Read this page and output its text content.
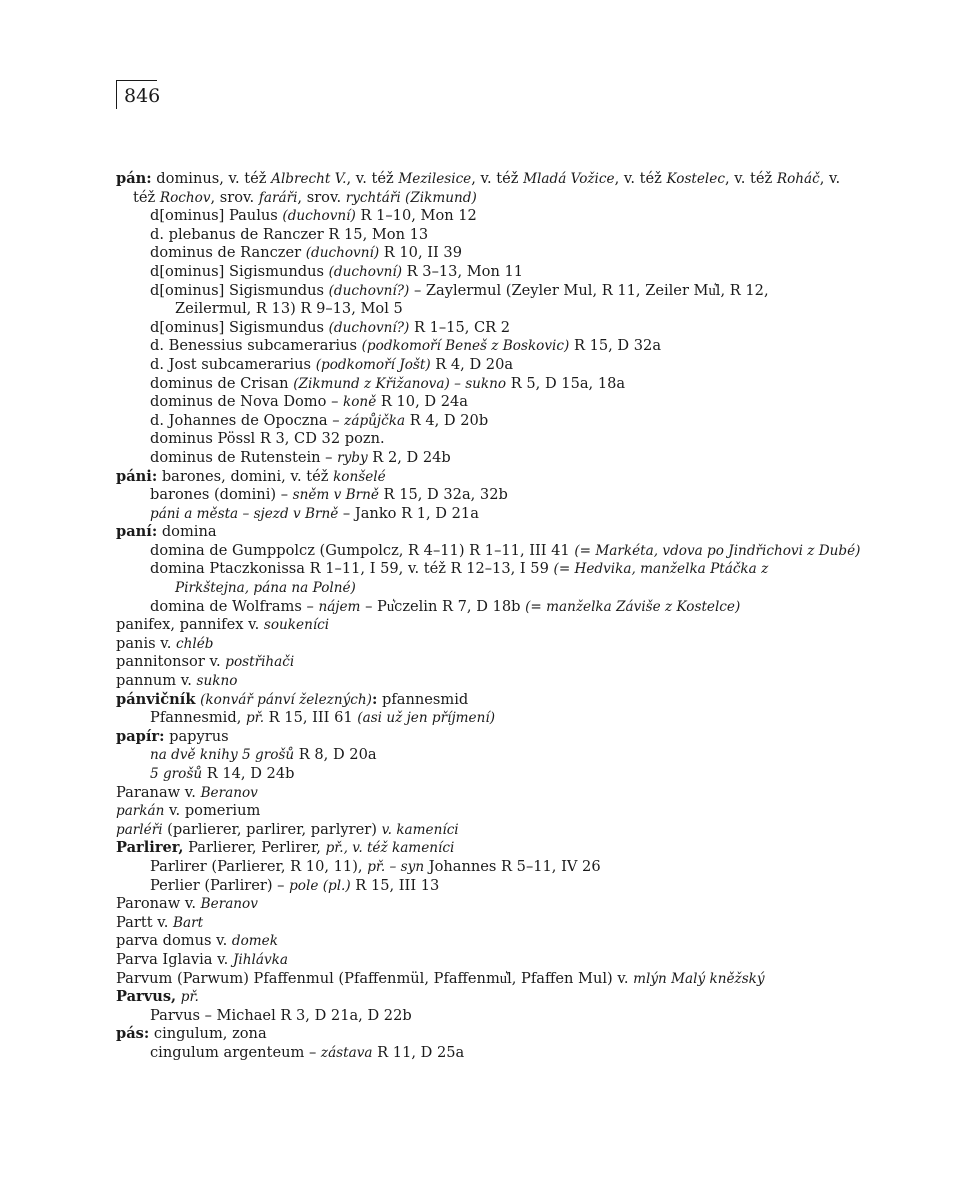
846
pán: dominus, v. též Albrecht V., v. též Mezilesice, v. též Mladá Vožice, v. též Kostelec, v. též Roháč, v. též Rochov, srov. faráři, srov. rychtáři (Zikmund)
d[ominus] Paulus (duchovní) R 1–10, Mon 12
d. plebanus de Ranczer R 15, Mon 13
dominus de Ranczer (duchovní) R 10, II 39
d[ominus] Sigismundus (duchovní) R 3–13, Mon 11
d[ominus] Sigismundus (duchovní?) – Zaylermul (Zeyler Mul, R 11, Zeiler Mu͛l, R 12, Zeilermul, R 13) R 9–13, Mol 5
d[ominus] Sigismundus (duchovní?) R 1–15, CR 2
d. Benessius subcamerarius (podkomoří Beneš z Boskovic) R 15, D 32a
d. Jost subcamerarius (podkomoří Jošt) R 4, D 20a
dominus de Crisan (Zikmund z Křižanova) – sukno R 5, D 15a, 18a
dominus de Nova Domo – koně R 10, D 24a
d. Johannes de Opoczna – zápůjčka R 4, D 20b
dominus Pössl R 3, CD 32 pozn.
dominus de Rutenstein – ryby R 2, D 24b
páni: barones, domini, v. též konšelé
barones (domini) – sněm v Brně R 15, D 32a, 32b
páni a města – sjezd v Brně – Janko R 1, D 21a
paní: domina
domina de Gumppolcz (Gumpolcz, R 4–11) R 1–11, III 41 (= Markéta, vdova po Jindřichovi z Dubé)
domina Ptaczkonissa R 1–11, I 59, v. též R 12–13, I 59 (= Hedvika, manželka Ptáčka z Pirkštejna, pána na Polné)
domina de Wolframs – nájem – Pu͛czelin R 7, D 18b (= manželka Záviše z Kostelce)
panifex, pannifex v. soukeníci
panis v. chléb
pannitonsor v. postřihači
pannum v. sukno
pánvičník (konvář pánví železných): pfannesmid
Pfannesmid, př. R 15, III 61 (asi už jen příjmení)
papír: papyrus
na dvě knihy 5 grošů R 8, D 20a
5 grošů R 14, D 24b
Paranaw v. Beranov
parkán v. pomerium
parléři (parlierer, parlirer, parlyrer) v. kameníci
Parlirer, Parlierer, Perlirer, př., v. též kameníci
Parlirer (Parlierer, R 10, 11), př. – syn Johannes R 5–11, IV 26
Perlier (Parlirer) – pole (pl.) R 15, III 13
Paronaw v. Beranov
Partt v. Bart
parva domus v. domek
Parva Iglavia v. Jihlávka
Parvum (Parwum) Pfaffenmul (Pfaffenmül, Pfaffenmu͛l, Pfaffen Mul) v. mlýn Malý kněžský
Parvus, př.
Parvus – Michael R 3, D 21a, D 22b
pás: cingulum, zona
cingulum argenteum – zástava R 11, D 25a
